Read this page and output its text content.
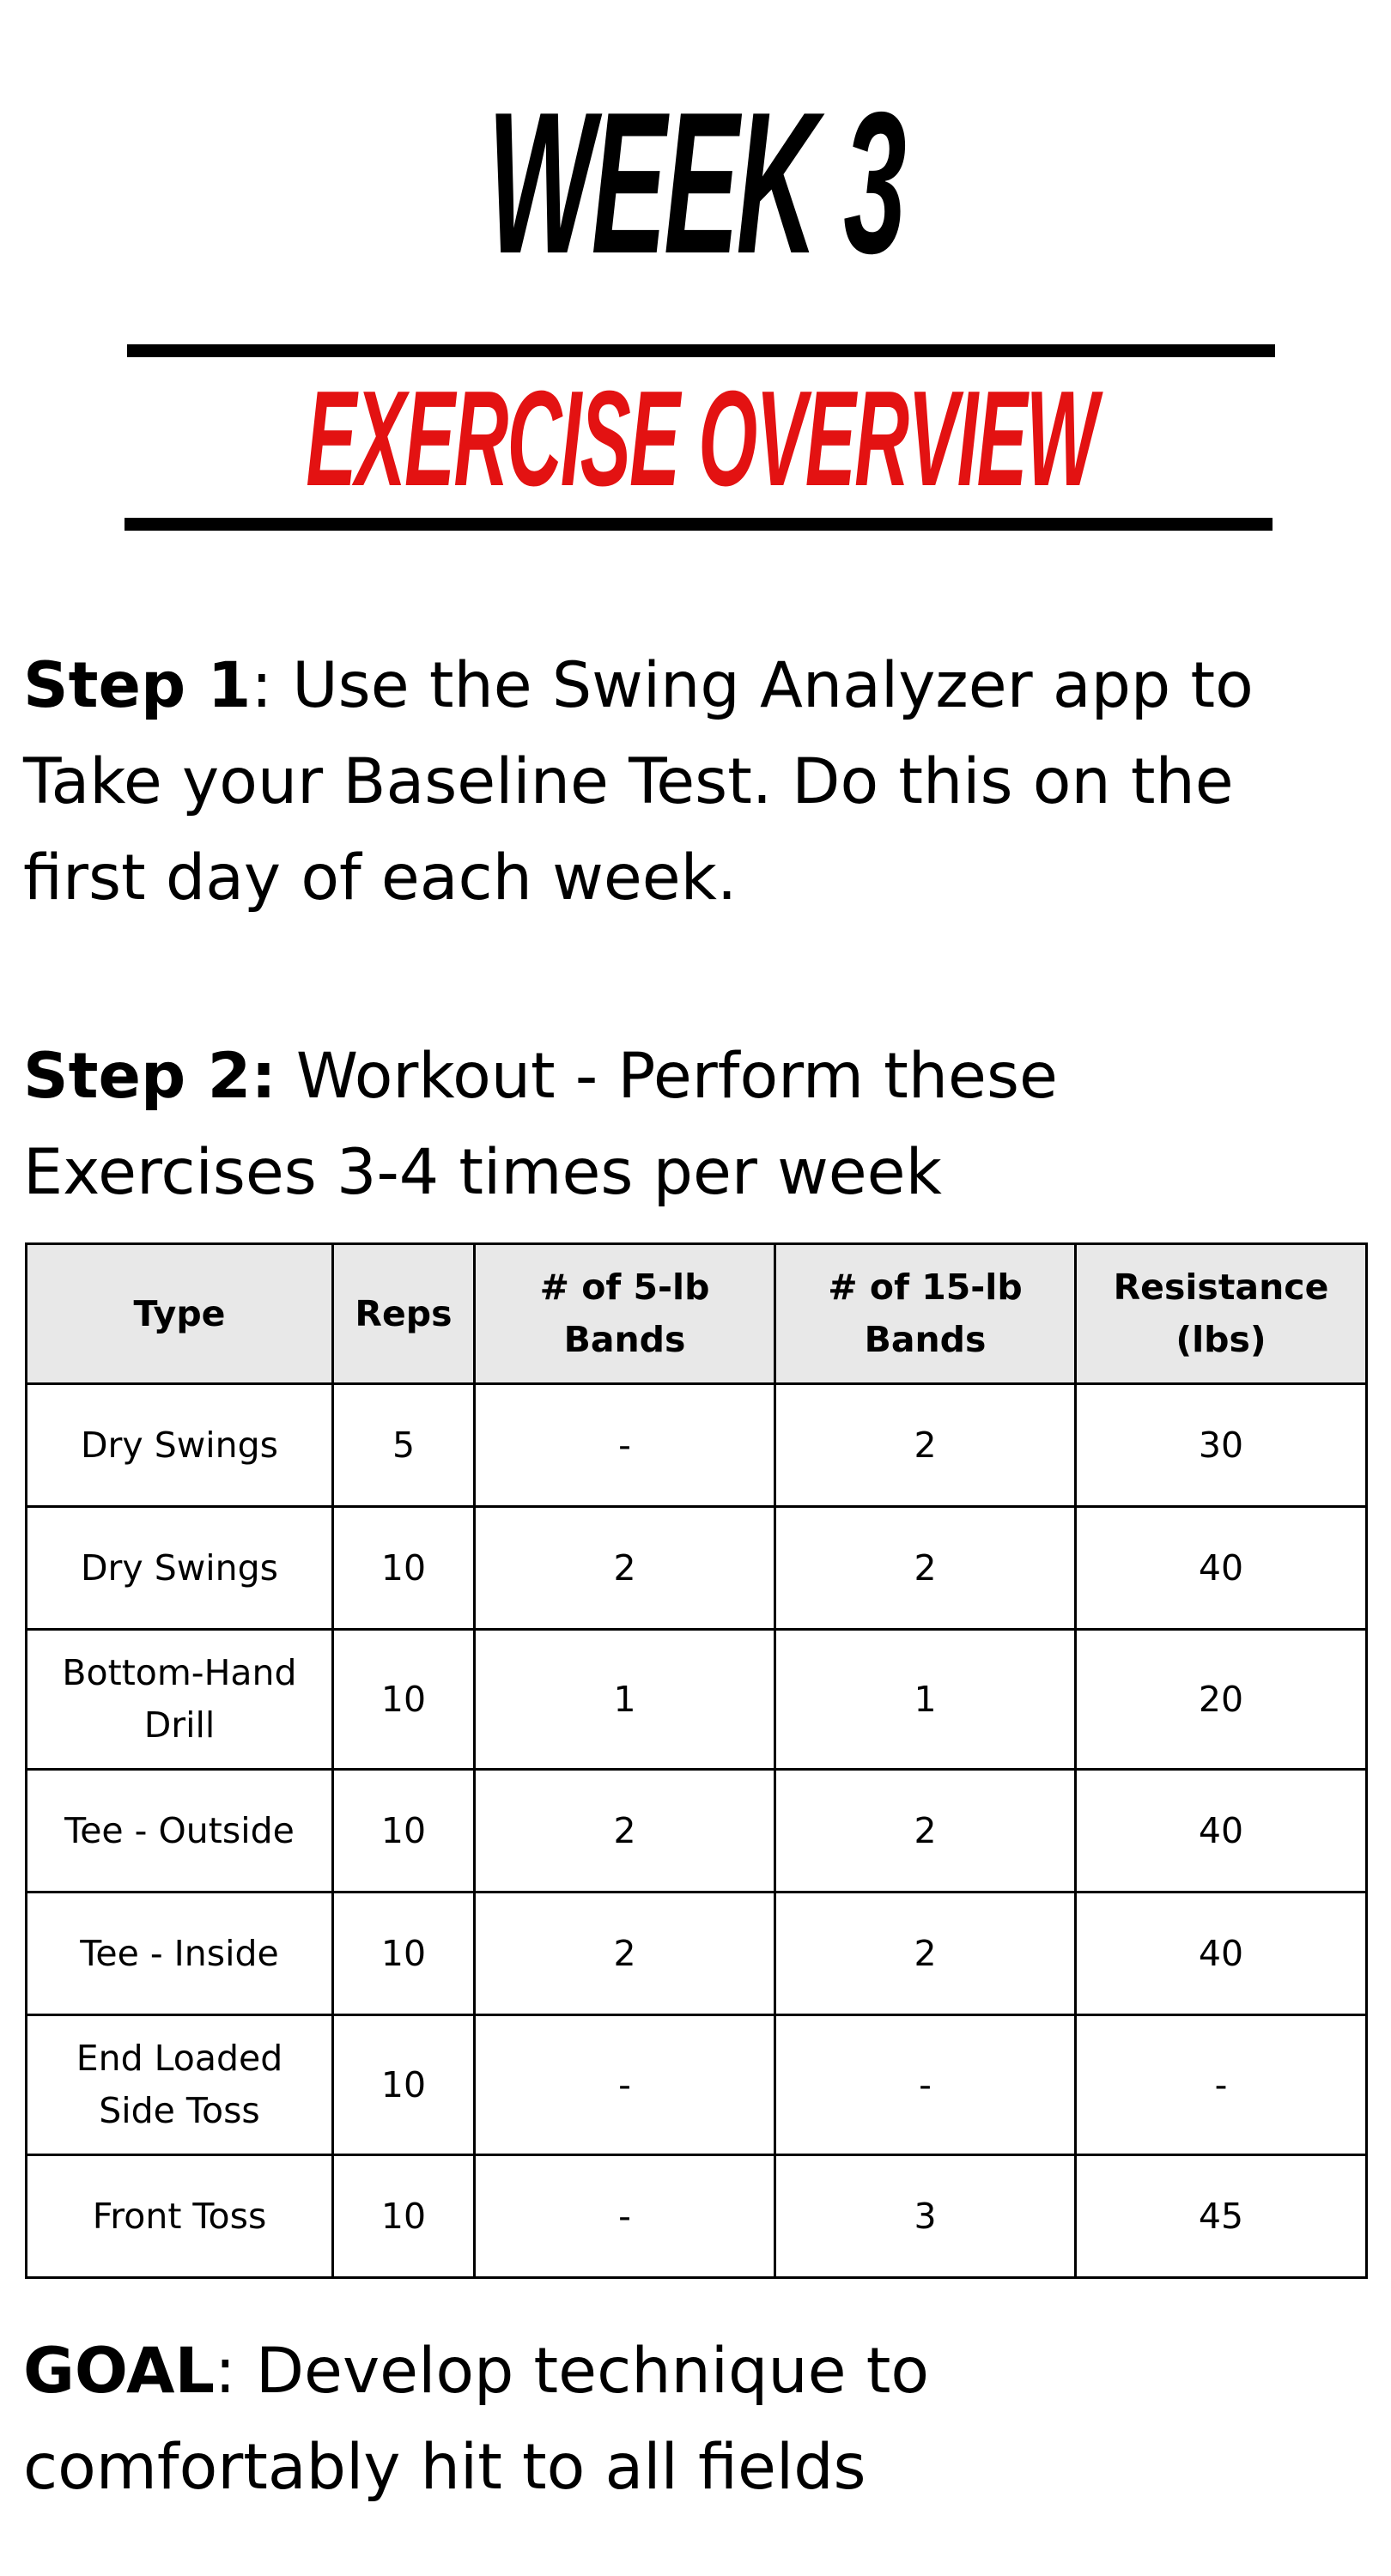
WEEK 3
EXERCISE OVERVIEW
Step 1: Use the Swing Analyzer app to
Take your Baseline Test. Do this on the
first day of each week.
Step 2: Workout - Perform these
Exercises 3-4 times per week
Type	Reps	# of 5-lb Bands	# of 15-lb Bands	Resistance (lbs)
Dry Swings	5	-	2	30
Dry Swings	10	2	2	40
Bottom-Hand Drill	10	1	1	20
Tee - Outside	10	2	2	40
Tee - Inside	10	2	2	40
End Loaded Side Toss	10	-	-	-
Front Toss	10	-	3	45
GOAL: Develop technique to
comfortably hit to all fields
